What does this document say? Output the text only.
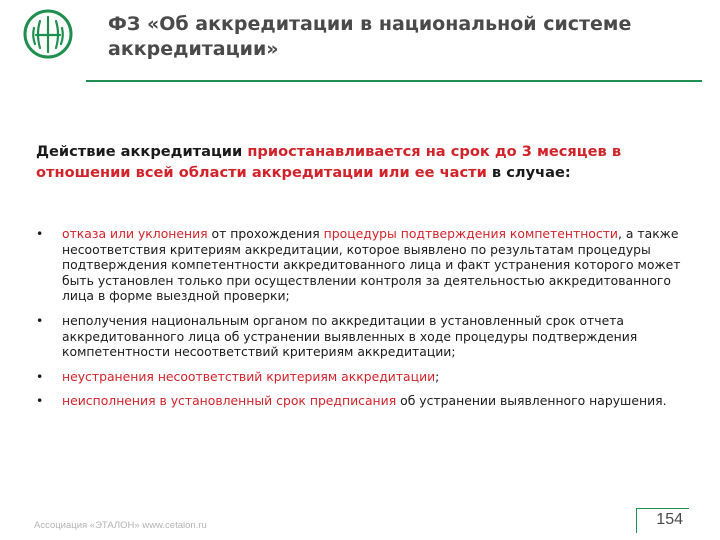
ФЗ «Об аккредитации в национальной системе аккредитации»
Действие аккредитации приостанавливается на срок до 3 месяцев в отношении всей области аккредитации или ее части в случае:
• отказа или уклонения от прохождения процедуры подтверждения компетентности, а также несоответствия критериям аккредитации, которое выявлено по результатам процедуры подтверждения компетентности аккредитованного лица и факт устранения которого может быть установлен только при осуществлении контроля за деятельностью аккредитованного лица в форме выездной проверки;
• неполучения национальным органом по аккредитации в установленный срок отчета аккредитованного лица об устранении выявленных в ходе процедуры подтверждения компетентности несоответствий критериям аккредитации;
• неустранения несоответствий критериям аккредитации;
• неисполнения в установленный срок предписания об устранении выявленного нарушения.
Ассоциация «ЭТАЛОН» www.cetalon.ru	154
